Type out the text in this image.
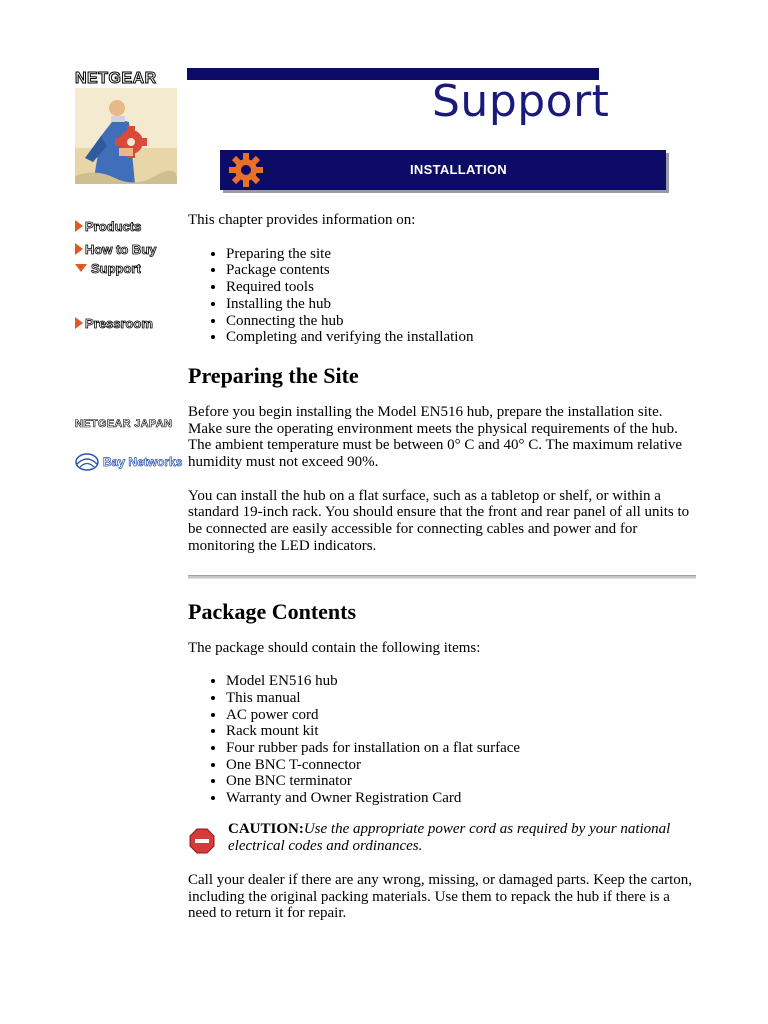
NETGEAR
Products
How to Buy
Support
Pressroom
NETGEAR JAPAN
Bay Networks
Support
INSTALLATION

This chapter provides information on:

• Preparing the site
• Package contents
• Required tools
• Installing the hub
• Connecting the hub
• Completing and verifying the installation
Preparing the Site

Before you begin installing the Model EN516 hub, prepare the installation site. Make sure the operating environment meets the physical requirements of the hub. The ambient temperature must be between 0° C and 40° C. The maximum relative humidity must not exceed 90%.

You can install the hub on a flat surface, such as a tabletop or shelf, or within a standard 19-inch rack. You should ensure that the front and rear panel of all units to be connected are easily accessible for connecting cables and power and for monitoring the LED indicators.

Package Contents

The package should contain the following items:

• Model EN516 hub
• This manual
• AC power cord
• Rack mount kit
• Four rubber pads for installation on a flat surface
• One BNC T-connector
• One BNC terminator
• Warranty and Owner Registration Card
CAUTION:Use the appropriate power cord as required by your national electrical codes and ordinances.

Call your dealer if there are any wrong, missing, or damaged parts. Keep the carton, including the original packing materials. Use them to repack the hub if there is a need to return it for repair.
